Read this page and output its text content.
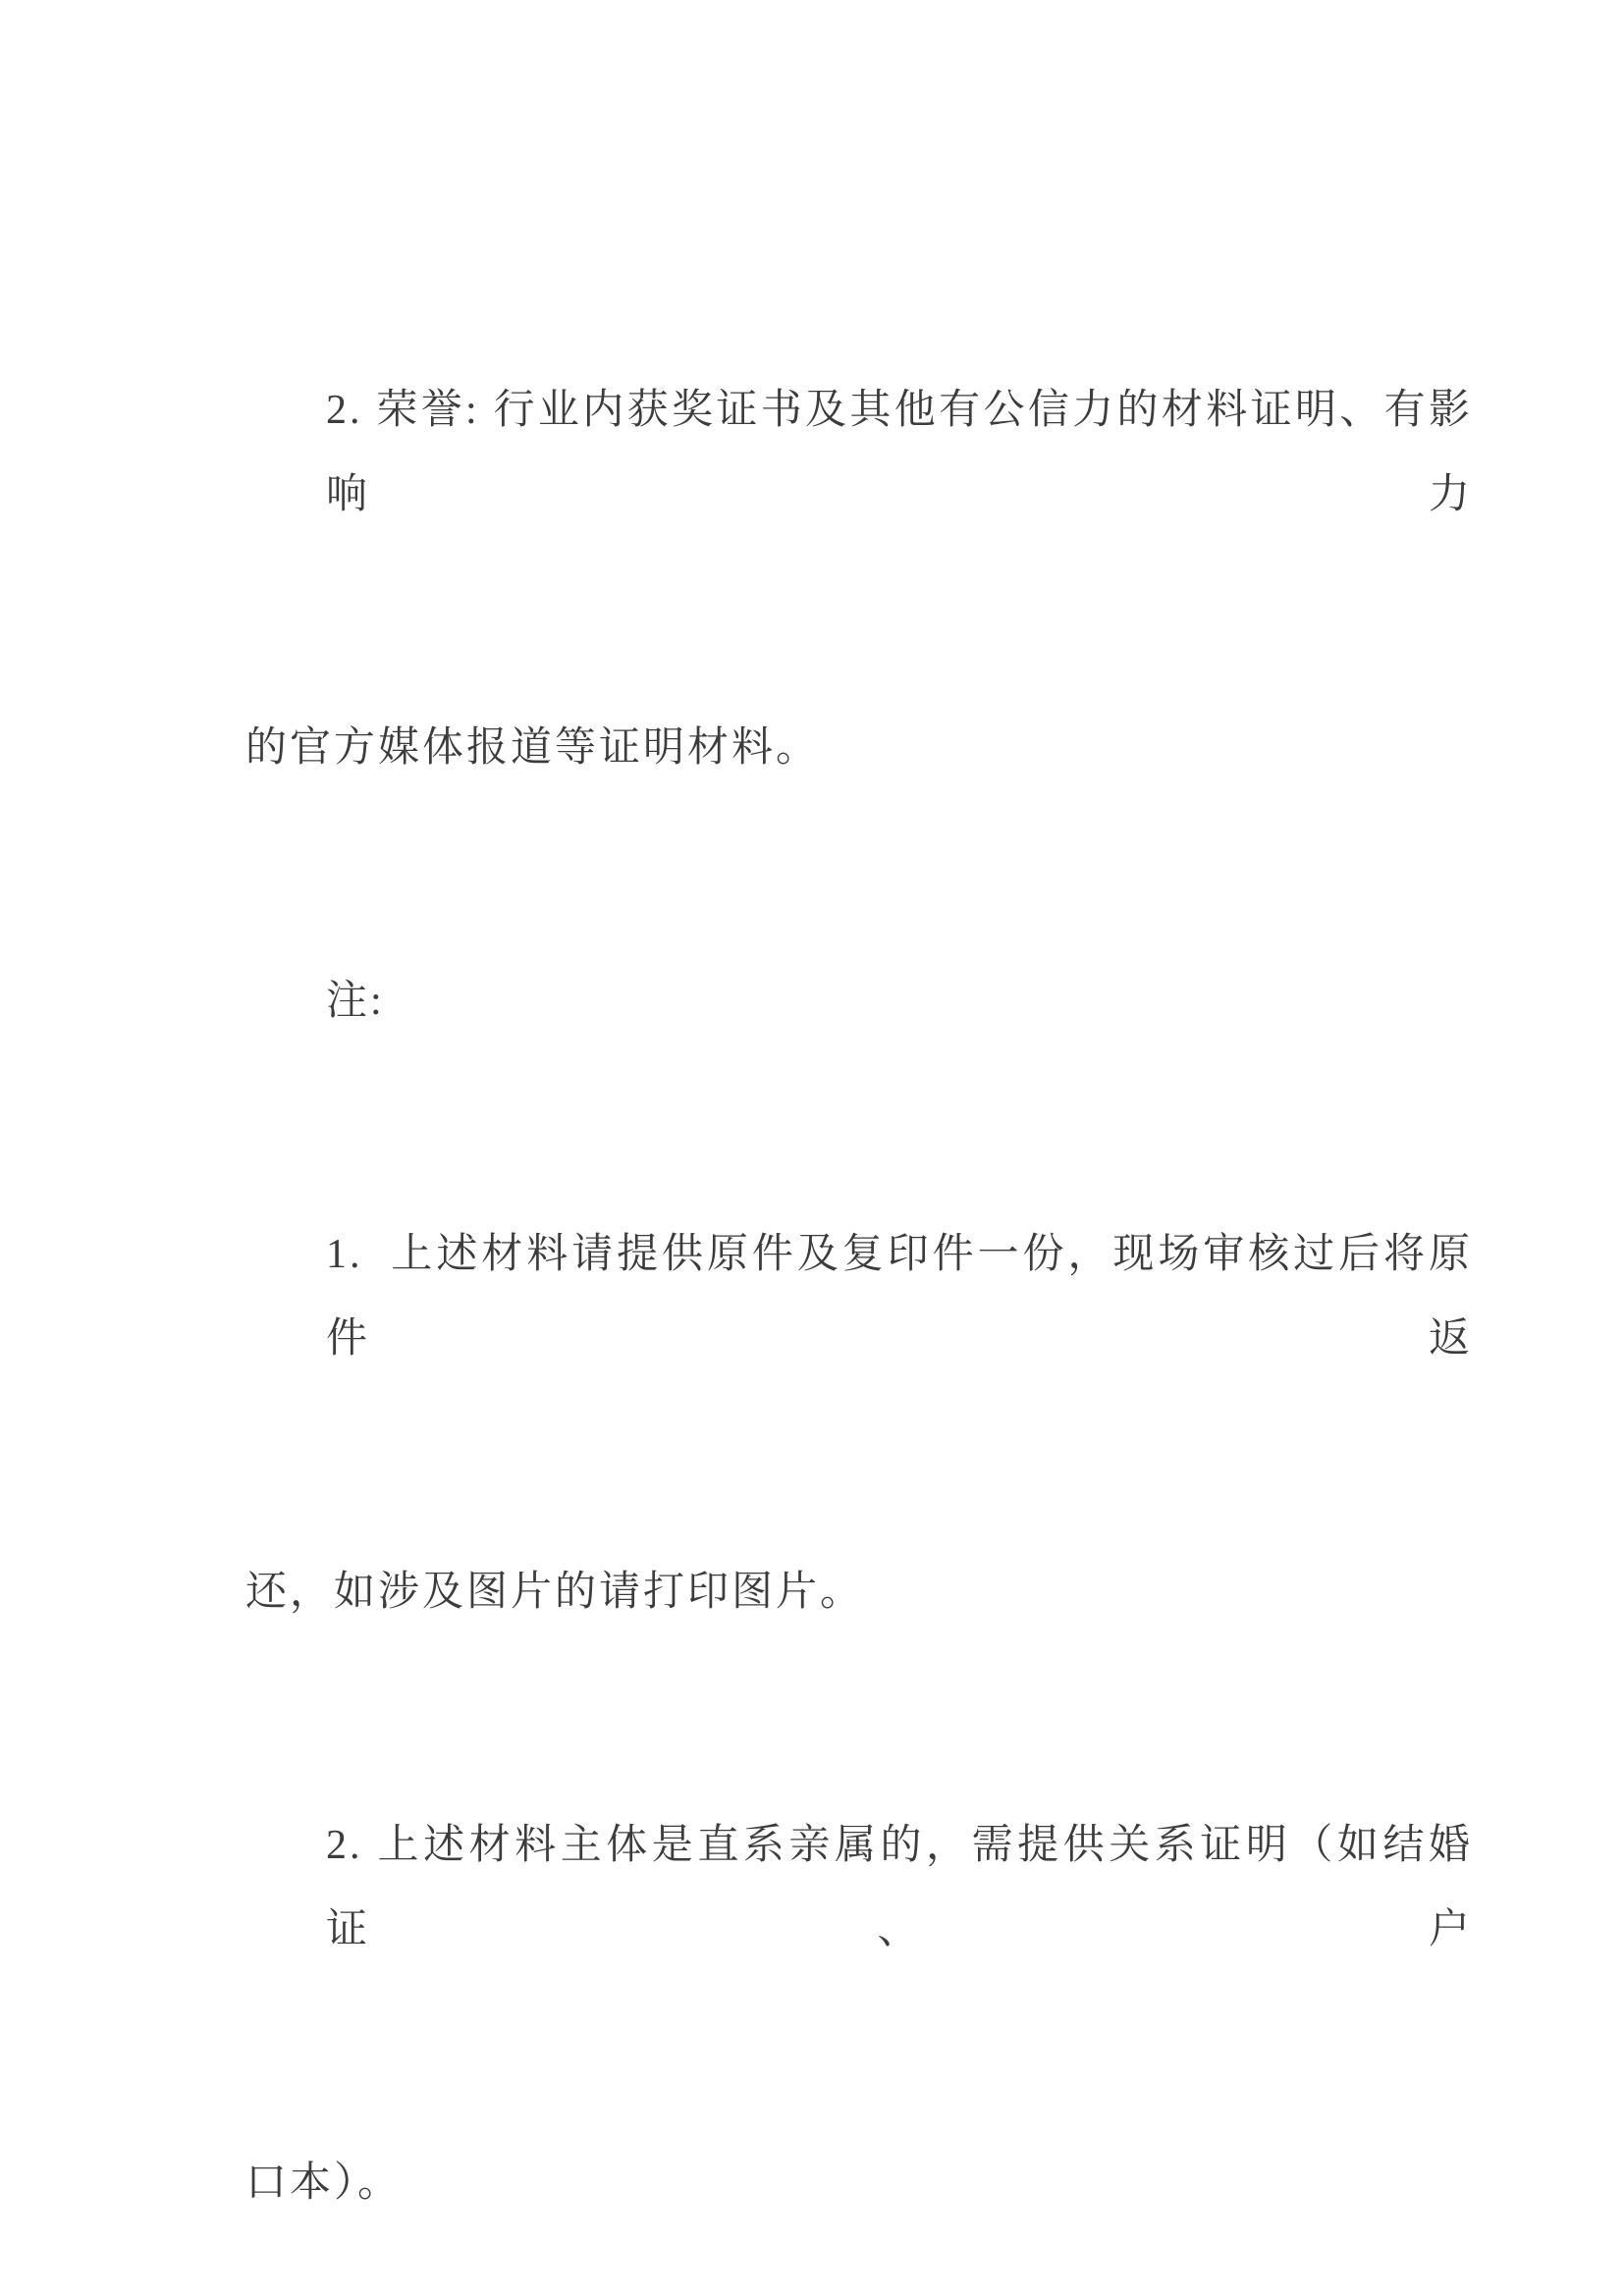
2. 荣誉: 行业内获奖证书及其他有公信力的材料证明、有影响力

的官方媒体报道等证明材料。

注:

1.  上述材料请提供原件及复印件一份，现场审核过后将原件返

还，如涉及图片的请打印图片。

2. 上述材料主体是直系亲属的，需提供关系证明（如结婚证、户

口本）。
